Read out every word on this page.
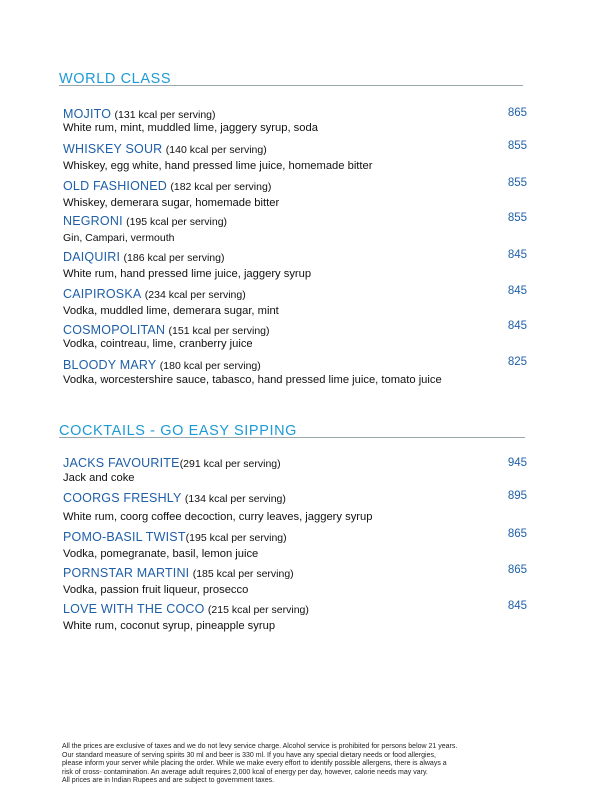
WORLD CLASS
MOJITO (131 kcal per serving)
White rum, mint, muddled lime, jaggery syrup, soda
865
WHISKEY SOUR (140 kcal per serving)
Whiskey, egg white, hand pressed lime juice, homemade bitter
855
OLD FASHIONED (182 kcal per serving)
Whiskey, demerara sugar, homemade bitter
855
NEGRONI (195 kcal per serving)
Gin, Campari, vermouth
855
DAIQUIRI (186 kcal per serving)
White rum, hand pressed lime juice, jaggery syrup
845
CAIPIROSKA (234 kcal per serving)
Vodka, muddled lime, demerara sugar, mint
845
COSMOPOLITAN (151 kcal per serving)
Vodka, cointreau, lime, cranberry juice
845
BLOODY MARY (180 kcal per serving)
Vodka, worcestershire sauce, tabasco, hand pressed lime juice, tomato juice
825
COCKTAILS - GO EASY SIPPING
JACKS FAVOURITE(291 kcal per serving)
Jack and coke
945
COORGS FRESHLY (134 kcal per serving)
White rum, coorg coffee decoction, curry leaves, jaggery syrup
895
POMO-BASIL TWIST(195 kcal per serving)
Vodka, pomegranate, basil, lemon juice
865
PORNSTAR MARTINI (185 kcal per serving)
Vodka, passion fruit liqueur, prosecco
865
LOVE WITH THE COCO (215 kcal per serving)
White rum, coconut syrup, pineapple syrup
845
All the prices are exclusive of taxes and we do not levy service charge. Alcohol service is prohibited for persons below 21 years.
Our standard measure of serving spirits 30 ml and beer is 330 ml. If you have any special dietary needs or food allergies,
please inform your server while placing the order. While we make every effort to identify possible allergens, there is always a
risk of cross- contamination. An average adult requires 2,000 kcal of energy per day, however, calorie needs may vary.
All prices are in Indian Rupees and are subject to government taxes.
